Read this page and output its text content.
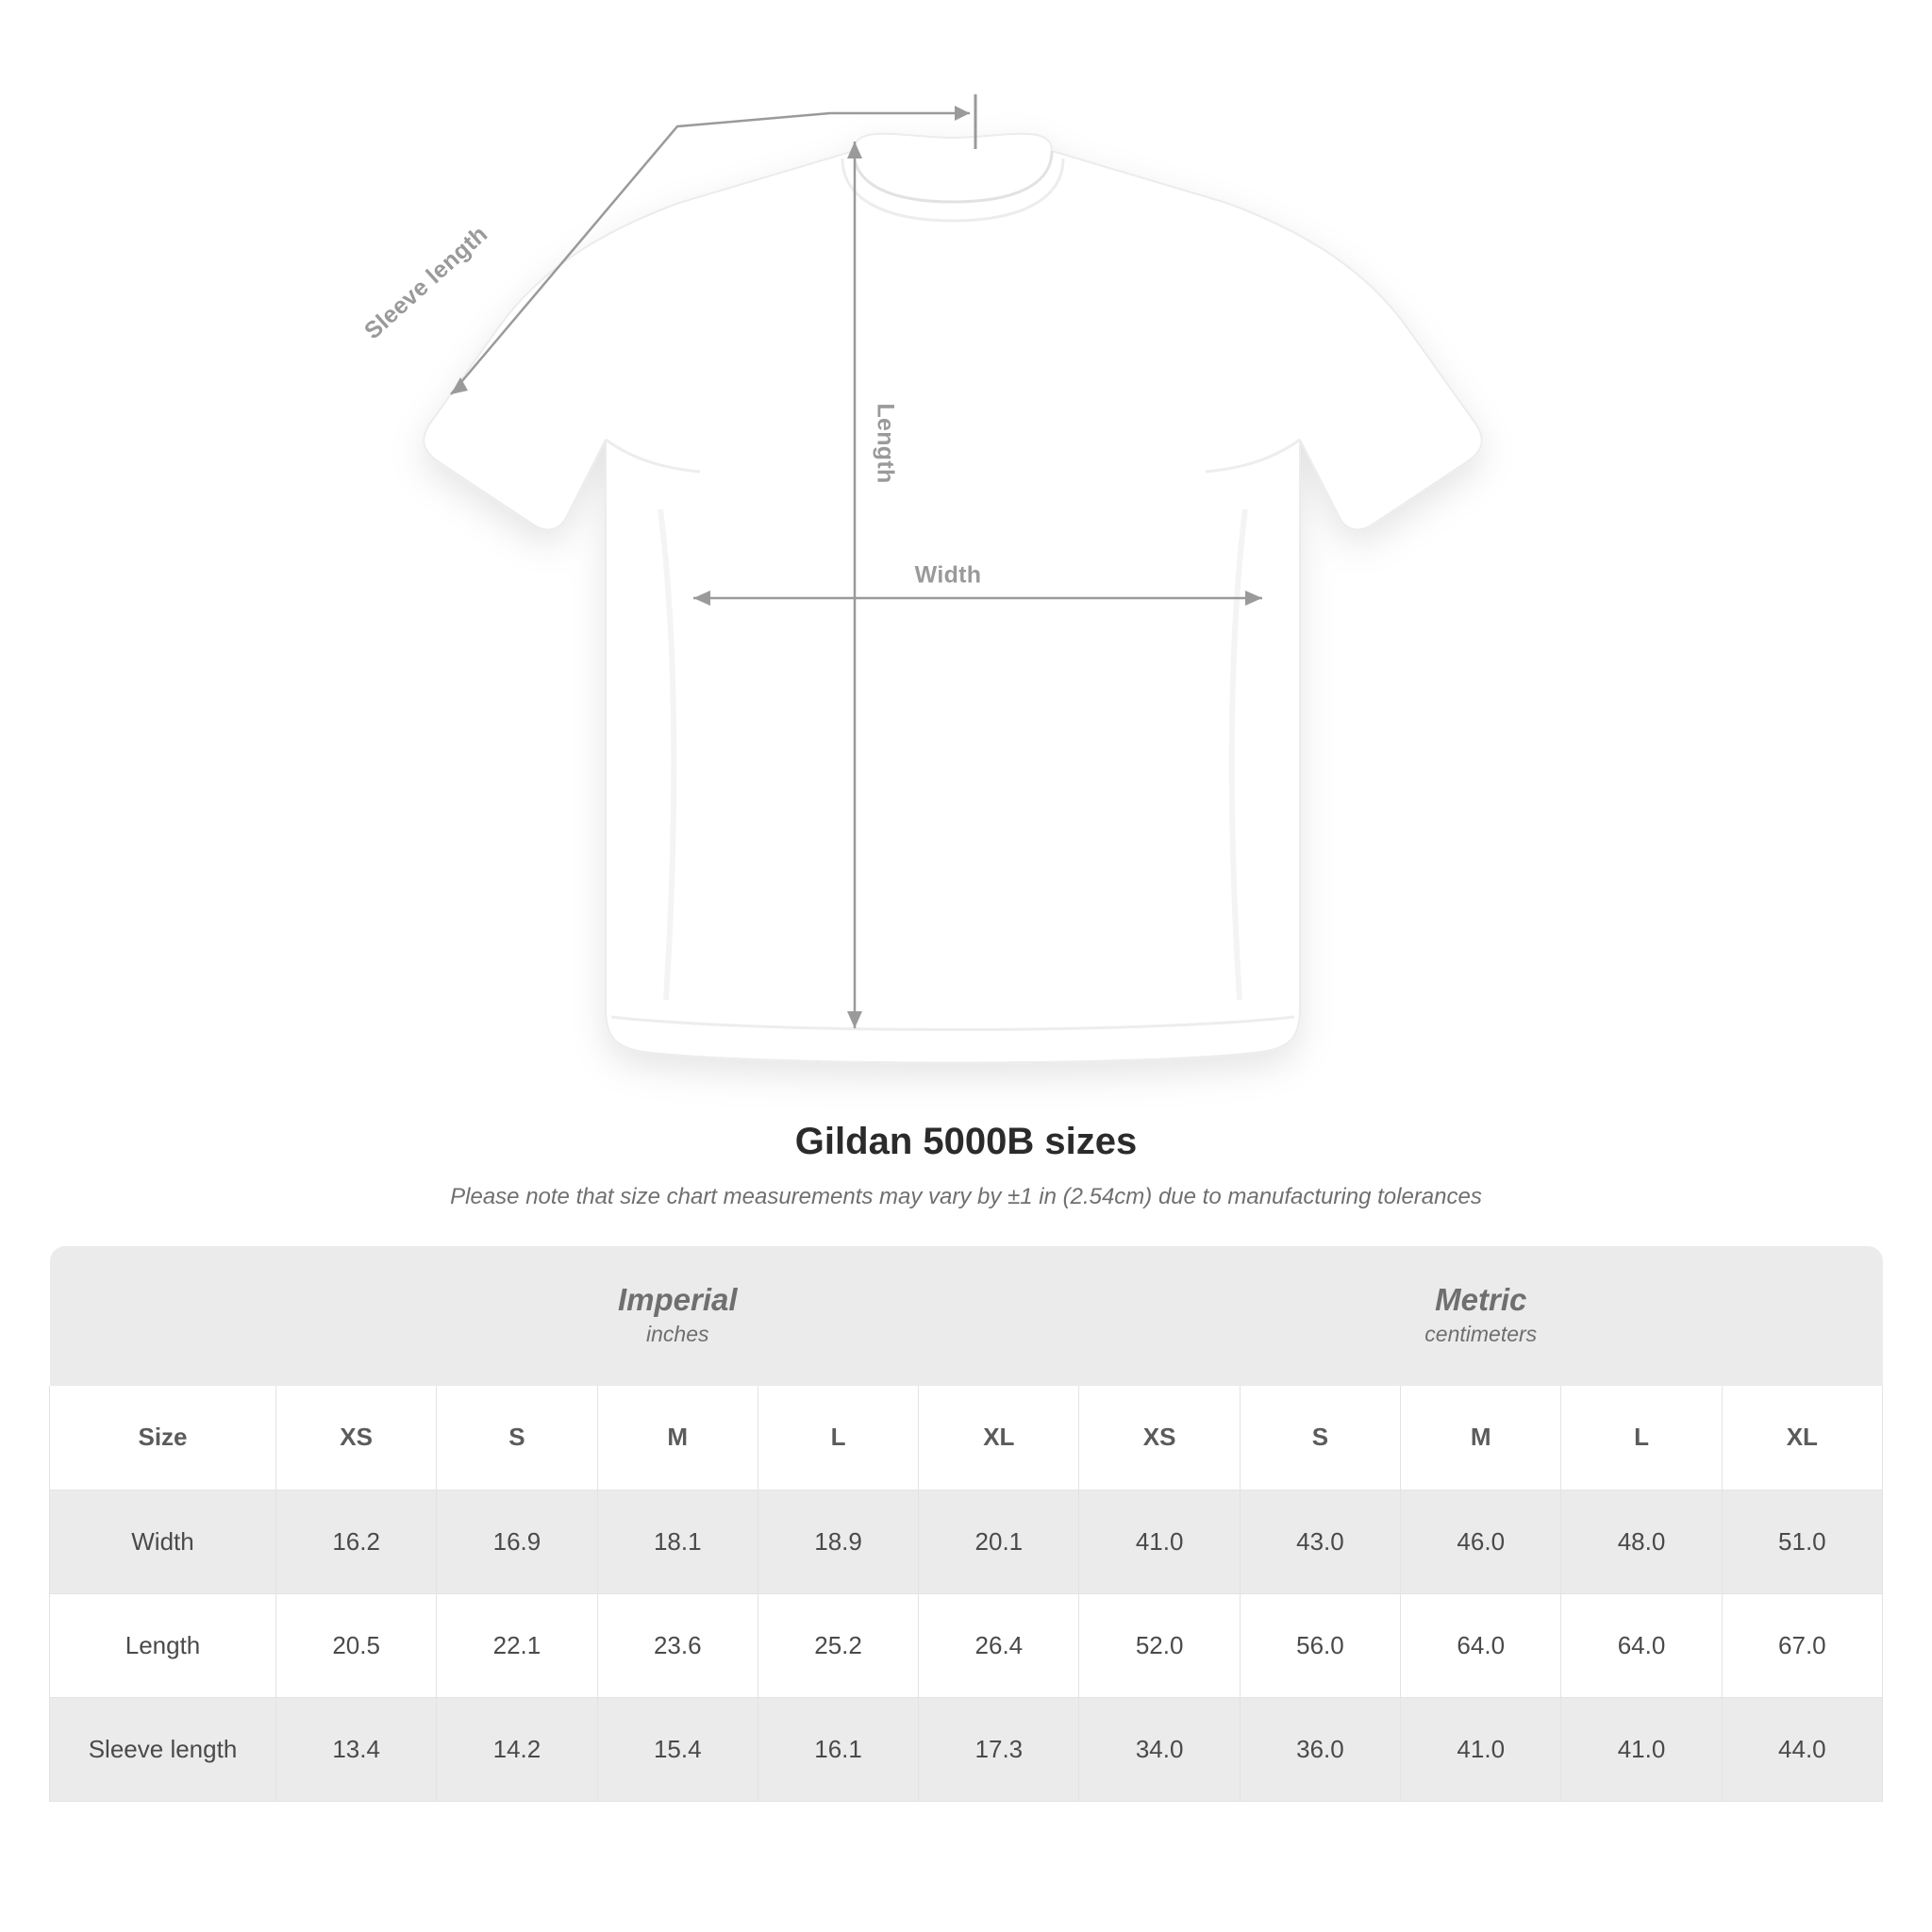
Sleeve length
Length
Width
Gildan 5000B sizes

Please note that size chart measurements may vary by ±1 in (2.54cm) due to manufacturing tolerances

Imperial
inches

Metric
centimeters

Size	XS	S	M	L	XL	XS	S	M	L	XL
Width	16.2	16.9	18.1	18.9	20.1	41.0	43.0	46.0	48.0	51.0
Length	20.5	22.1	23.6	25.2	26.4	52.0	56.0	64.0	64.0	67.0
Sleeve length	13.4	14.2	15.4	16.1	17.3	34.0	36.0	41.0	41.0	44.0
